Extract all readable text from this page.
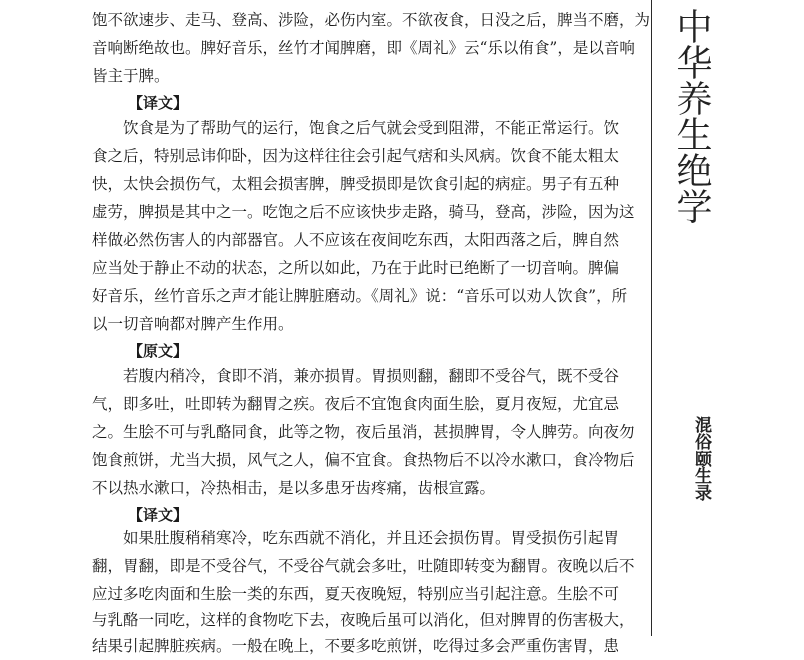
饱不欲速步、走马、登高、涉险，必伤内室。不欲夜食，日没之后，脾当不磨，为
音响断绝故也。脾好音乐，丝竹才闻脾磨，即《周礼》云“乐以侑食”，是以音响
皆主于脾。
【译文】
　　饮食是为了帮助气的运行，饱食之后气就会受到阻滞，不能正常运行。饮
食之后，特别忌讳仰卧，因为这样往往会引起气痞和头风病。饮食不能太粗太
快，太快会损伤气，太粗会损害脾，脾受损即是饮食引起的病症。男子有五种
虚劳，脾损是其中之一。吃饱之后不应该快步走路，骑马，登高，涉险，因为这
样做必然伤害人的内部器官。人不应该在夜间吃东西，太阳西落之后，脾自然
应当处于静止不动的状态，之所以如此，乃在于此时已绝断了一切音响。脾偏
好音乐，丝竹音乐之声才能让脾脏磨动。《周礼》说：“音乐可以劝人饮食”，所
以一切音响都对脾产生作用。
【原文】
　　若腹内稍冷，食即不消，兼亦损胃。胃损则翻，翻即不受谷气，既不受谷
气，即多吐，吐即转为翻胃之疾。夜后不宜饱食肉面生脍，夏月夜短，尤宜忌
之。生脍不可与乳酪同食，此等之物，夜后虽消，甚损脾胃，令人脾劳。向夜勿
饱食煎饼，尤当大损，风气之人，偏不宜食。食热物后不以冷水漱口，食冷物后
不以热水漱口，冷热相击，是以多患牙齿疼痛，齿根宣露。
【译文】
　　如果肚腹稍稍寒冷，吃东西就不消化，并且还会损伤胃。胃受损伤引起胃
翻，胃翻，即是不受谷气，不受谷气就会多吐，吐随即转变为翻胃。夜晚以后不
应过多吃肉面和生脍一类的东西，夏天夜晚短，特别应当引起注意。生脍不可
与乳酪一同吃，这样的食物吃下去，夜晚后虽可以消化，但对脾胃的伤害极大，
结果引起脾脏疾病。一般在晚上，不要多吃煎饼，吃得过多会严重伤害胃，患
中华养生绝学
混俗颐生录
